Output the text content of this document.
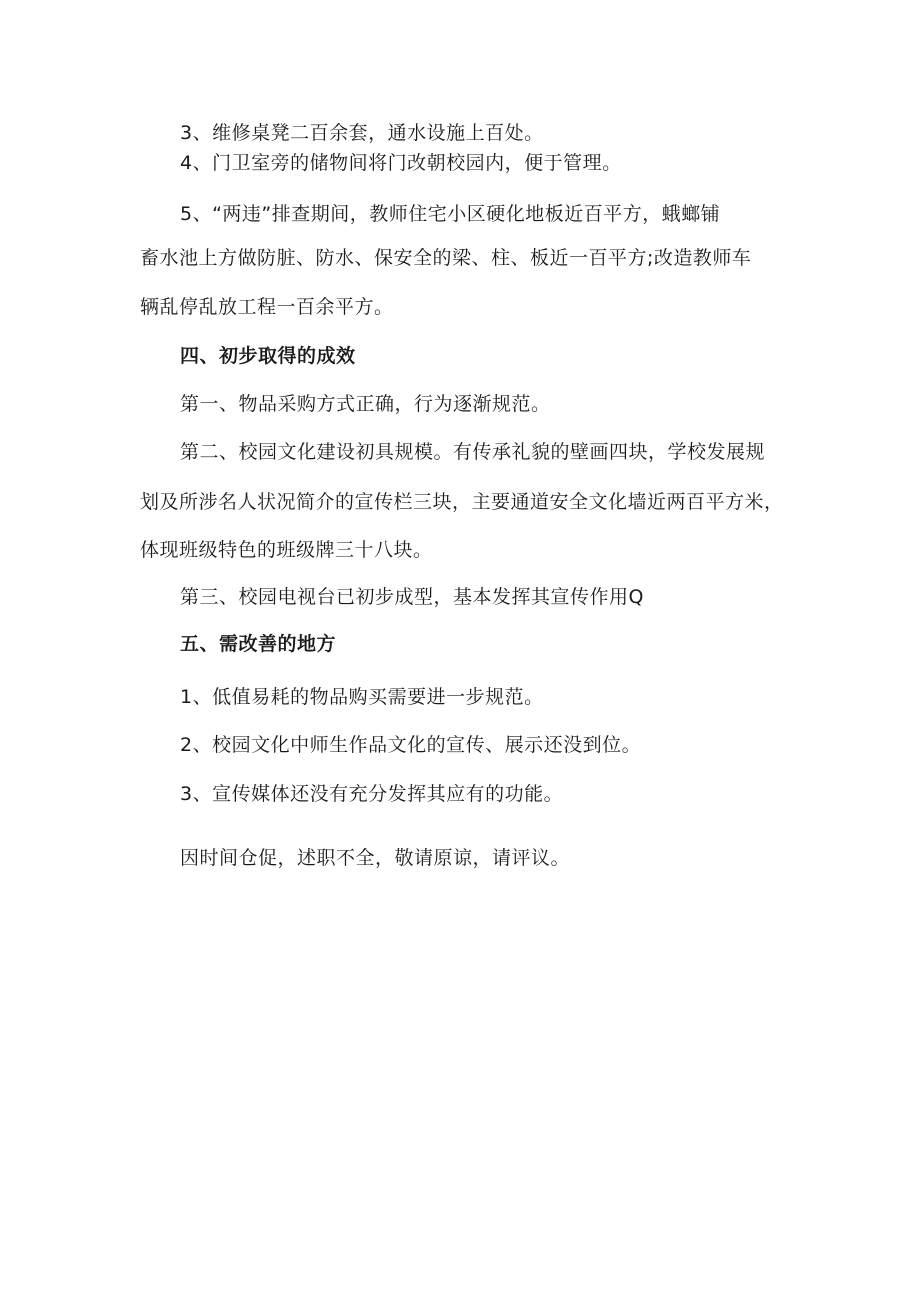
3、维修桌凳二百余套，通水设施上百处。
4、门卫室旁的储物间将门改朝校园内，便于管理。
5、“两违”排查期间，教师住宅小区硬化地板近百平方，蛾螂铺
畜水池上方做防脏、防水、保安全的梁、柱、板近一百平方;改造教师车
辆乱停乱放工程一百余平方。
四、初步取得的成效
第一、物品采购方式正确，行为逐渐规范。
第二、校园文化建设初具规模。有传承礼貌的壁画四块，学校发展规
划及所涉名人状况简介的宣传栏三块，主要通道安全文化墙近两百平方米，
体现班级特色的班级牌三十八块。
第三、校园电视台已初步成型，基本发挥其宣传作用Q
五、需改善的地方
1、低值易耗的物品购买需要进一步规范。
2、校园文化中师生作品文化的宣传、展示还没到位。
3、宣传媒体还没有充分发挥其应有的功能。
因时间仓促，述职不全，敬请原谅，请评议。
